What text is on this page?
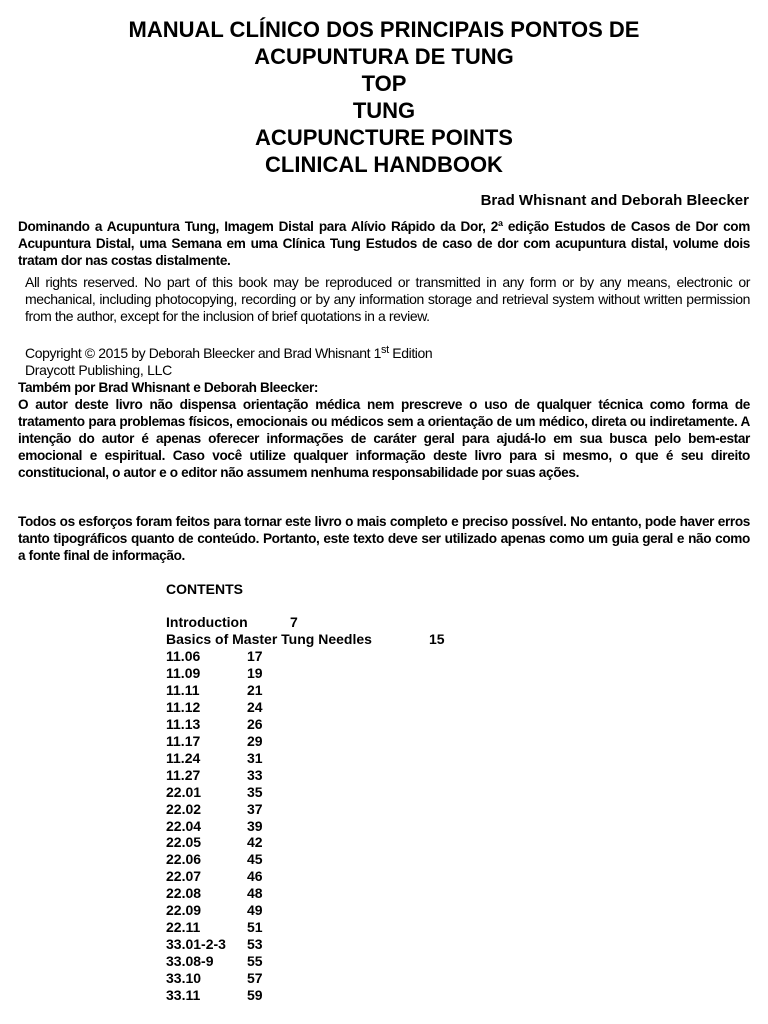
MANUAL CLÍNICO DOS PRINCIPAIS PONTOS DE
ACUPUNTURA DE TUNG
TOP
TUNG
ACUPUNCTURE POINTS
CLINICAL HANDBOOK
Brad Whisnant and Deborah Bleecker
Dominando a Acupuntura Tung, Imagem Distal para Alívio Rápido da Dor, 2ª edição Estudos de Casos de Dor com Acupuntura Distal, uma Semana em uma Clínica Tung Estudos de caso de dor com acupuntura distal, volume dois tratam dor nas costas distalmente.
All rights reserved. No part of this book may be reproduced or transmitted in any form or by any means, electronic or mechanical, including photocopying, recording or by any information storage and retrieval system without written permission from the author, except for the inclusion of brief quotations in a review.
Copyright © 2015 by Deborah Bleecker and Brad Whisnant 1st Edition
Draycott Publishing, LLC
Também por Brad Whisnant e Deborah Bleecker:
O autor deste livro não dispensa orientação médica nem prescreve o uso de qualquer técnica como forma de tratamento para problemas físicos, emocionais ou médicos sem a orientação de um médico, direta ou indiretamente. A intenção do autor é apenas oferecer informações de caráter geral para ajudá-lo em sua busca pelo bem-estar emocional e espiritual. Caso você utilize qualquer informação deste livro para si mesmo, o que é seu direito constitucional, o autor e o editor não assumem nenhuma responsabilidade por suas ações.
Todos os esforços foram feitos para tornar este livro o mais completo e preciso possível. No entanto, pode haver erros tanto tipográficos quanto de conteúdo. Portanto, este texto deve ser utilizado apenas como um guia geral e não como a fonte final de informação.
CONTENTS
Introduction	7
Basics of Master Tung Needles	15
11.06	17
11.09	19
11.11	21
11.12	24
11.13	26
11.17	29
11.24	31
11.27	33
22.01	35
22.02	37
22.04	39
22.05	42
22.06	45
22.07	46
22.08	48
22.09	49
22.11	51
33.01-2-3 53
33.08-9 55
33.10	57
33.11	59
